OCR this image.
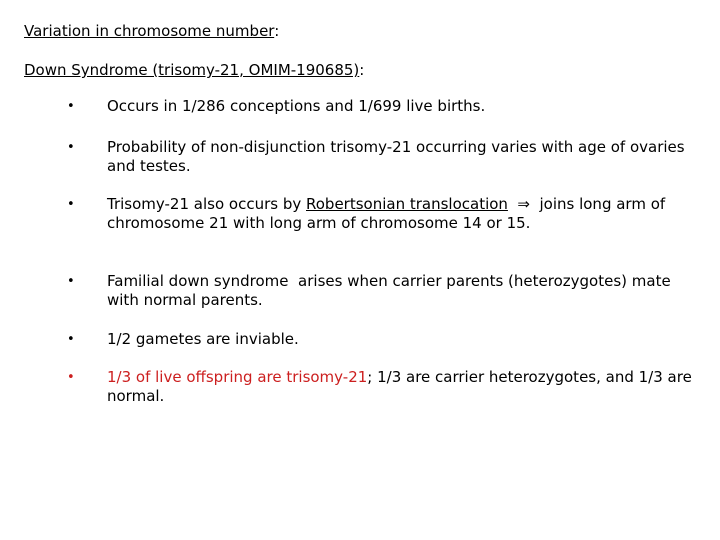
Variation in chromosome number:
Down Syndrome (trisomy-21, OMIM-190685):
•	Occurs in 1/286 conceptions and 1/699 live births.
•	Probability of non-disjunction trisomy-21 occurring varies with age of ovaries and testes.
•	Trisomy-21 also occurs by Robertsonian translocation ⇒ joins long arm of chromosome 21 with long arm of chromosome 14 or 15.
•	Familial down syndrome  arises when carrier parents (heterozygotes) mate with normal parents.
•	1/2 gametes are inviable.
•	1/3 of live offspring are trisomy-21; 1/3 are carrier heterozygotes, and 1/3 are normal.
